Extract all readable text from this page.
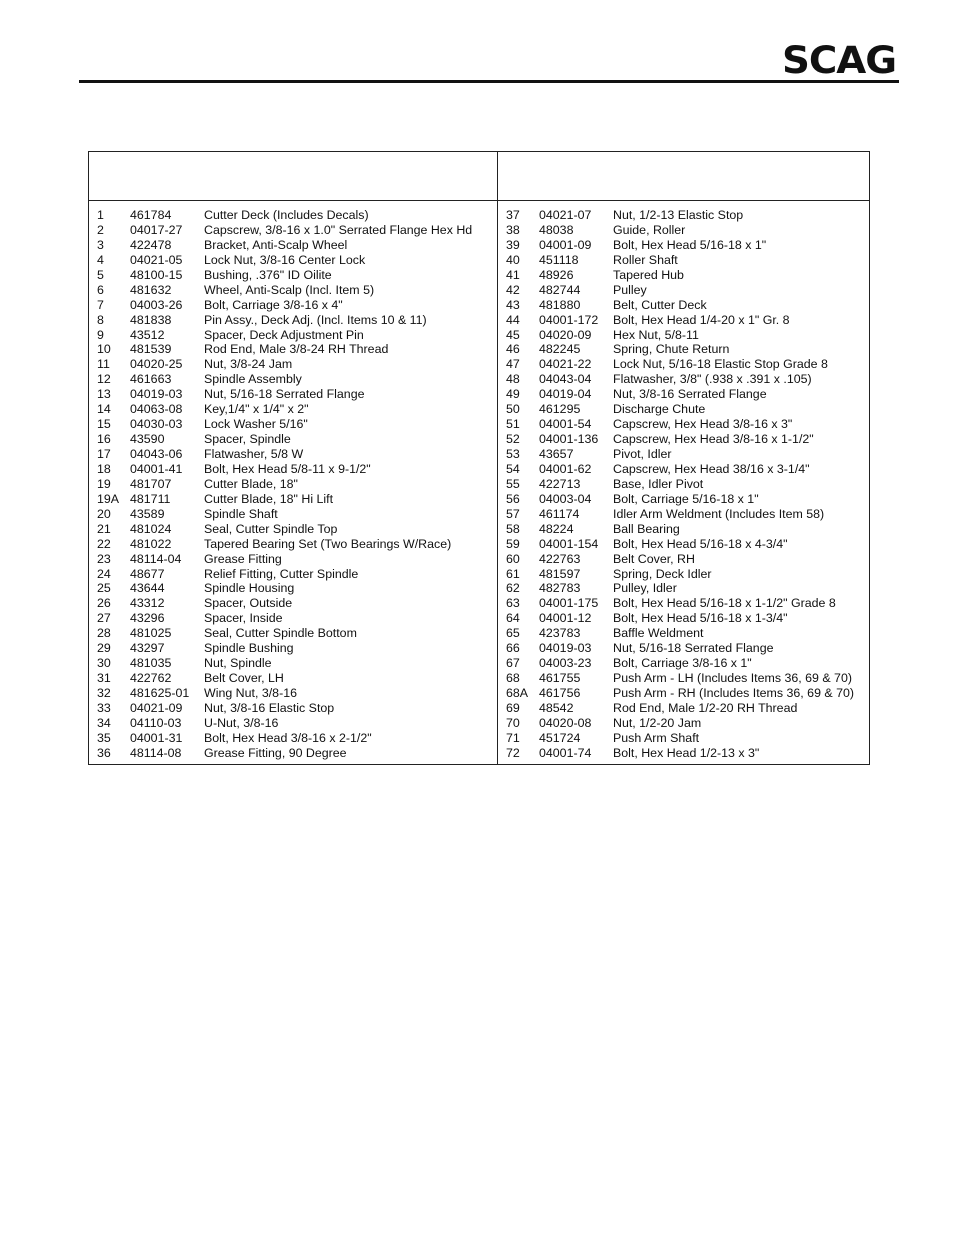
SCAG
1 461784	Cutter Deck (Includes Decals)
2 04017-27 Capscrew, 3/8-16 x 1.0" Serrated Flange Hex Hd
3 422478	Bracket, Anti-Scalp Wheel
4 04021-05 Lock Nut, 3/8-16 Center Lock
5 48100-15 Bushing, .376" ID Oilite
6 481632	Wheel, Anti-Scalp (Incl. Item 5)
7 04003-26 Bolt, Carriage 3/8-16 x 4"
8 481838	Pin Assy., Deck Adj. (Incl. Items 10 & 11)
9 43512	Spacer, Deck Adjustment Pin
10 481539	Rod End, Male 3/8-24 RH Thread
11 04020-25 Nut, 3/8-24 Jam
12 461663	Spindle Assembly
13 04019-03 Nut, 5/16-18 Serrated Flange
14 04063-08 Key,1/4" x 1/4" x 2"
15 04030-03 Lock Washer 5/16"
16 43590	Spacer, Spindle
17 04043-06 Flatwasher, 5/8 W
18 04001-41 Bolt, Hex Head 5/8-11 x 9-1/2"
19 481707	Cutter Blade, 18"
19A 481711	Cutter Blade, 18" Hi Lift
20 43589	Spindle Shaft
21 481024	Seal, Cutter Spindle Top
22 481022	Tapered Bearing Set (Two Bearings W/Race)
23 48114-04 Grease Fitting
24 48677	Relief Fitting, Cutter Spindle
25 43644	Spindle Housing
26 43312	Spacer, Outside
27 43296	Spacer, Inside
28 481025	Seal, Cutter Spindle Bottom
29 43297	Spindle Bushing
30 481035	Nut, Spindle
31 422762	Belt Cover, LH
32 481625-01 Wing Nut, 3/8-16
33 04021-09 Nut, 3/8-16 Elastic Stop
34 04110-03 U-Nut, 3/8-16
35 04001-31 Bolt, Hex Head 3/8-16 x 2-1/2"
36 48114-08 Grease Fitting, 90 Degree
37 04021-07 Nut, 1/2-13 Elastic Stop
38 48038	Guide, Roller
39 04001-09 Bolt, Hex Head 5/16-18 x 1"
40 451118	Roller Shaft
41 48926	Tapered Hub
42 482744	Pulley
43 481880	Belt, Cutter Deck
44 04001-172 Bolt, Hex Head 1/4-20 x 1" Gr. 8
45 04020-09 Hex Nut, 5/8-11
46 482245	Spring, Chute Return
47 04021-22 Lock Nut, 5/16-18 Elastic Stop Grade 8
48 04043-04 Flatwasher, 3/8" (.938 x .391 x .105)
49 04019-04 Nut, 3/8-16 Serrated Flange
50 461295	Discharge Chute
51 04001-54 Capscrew, Hex Head 3/8-16 x 3"
52 04001-136 Capscrew, Hex Head 3/8-16 x 1-1/2"
53 43657	Pivot, Idler
54 04001-62 Capscrew, Hex Head 38/16 x 3-1/4"
55 422713	Base, Idler Pivot
56 04003-04 Bolt, Carriage 5/16-18 x 1"
57 461174	Idler Arm Weldment (Includes Item 58)
58 48224	Ball Bearing
59 04001-154 Bolt, Hex Head 5/16-18 x 4-3/4"
60 422763	Belt Cover, RH
61 481597	Spring, Deck Idler
62 482783	Pulley, Idler
63 04001-175 Bolt, Hex Head 5/16-18 x 1-1/2" Grade 8
64 04001-12 Bolt, Hex Head 5/16-18 x 1-3/4"
65 423783	Baffle Weldment
66 04019-03 Nut, 5/16-18 Serrated Flange
67 04003-23 Bolt, Carriage 3/8-16 x 1"
68 461755	Push Arm - LH (Includes Items 36, 69 & 70)
68A 461756	Push Arm - RH (Includes Items 36, 69 & 70)
69 48542	Rod End, Male 1/2-20 RH Thread
70 04020-08 Nut, 1/2-20 Jam
71 451724	Push Arm Shaft
72 04001-74 Bolt, Hex Head 1/2-13 x 3"
